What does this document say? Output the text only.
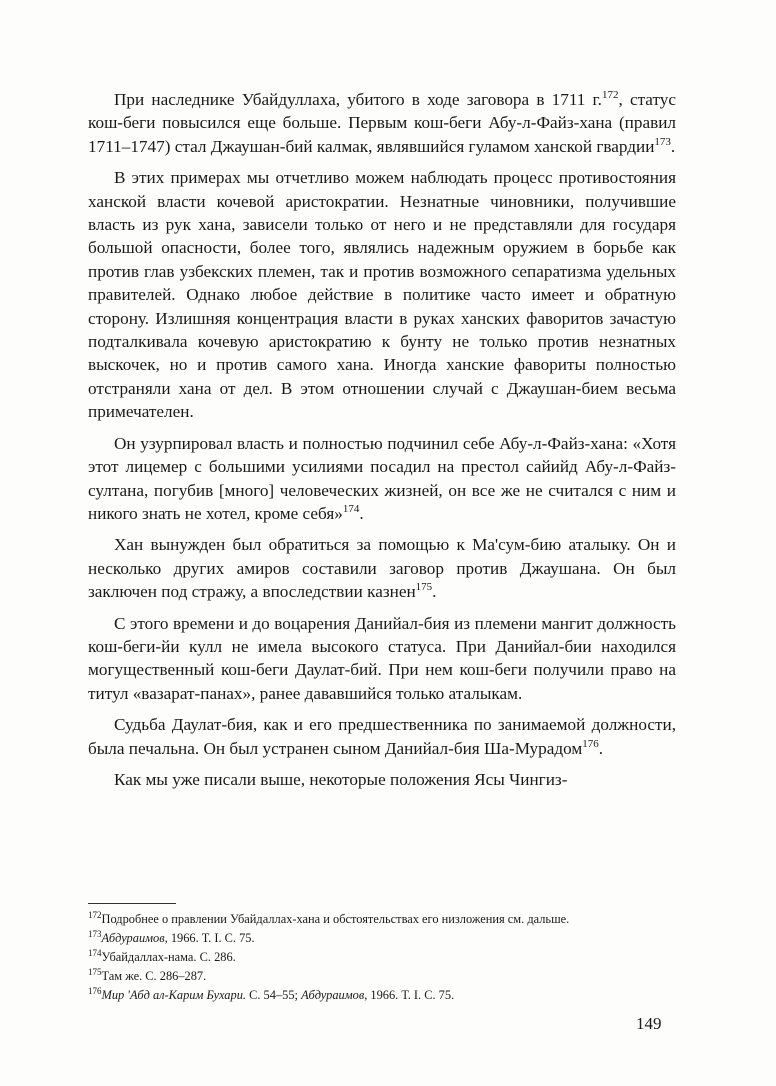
При наследнике Убайдуллаха, убитого в ходе заговора в 1711 г.$^{172}$, статус кош-беги повысился еще больше. Первым кош-беги Абу-л-Файз-хана (правил 1711–1747) стал Джаушан-бий калмак, являвшийся гуламом ханской гвардии$^{173}$.

В этих примерах мы отчетливо можем наблюдать процесс противостояния ханской власти кочевой аристократии. Незнатные чиновники, получившие власть из рук хана, зависели только от него и не представляли для государя большой опасности, более того, являлись надежным оружием в борьбе как против глав узбекских племен, так и против возможного сепаратизма удельных правителей. Однако любое действие в политике часто имеет и обратную сторону. Излишняя концентрация власти в руках ханских фаворитов зачастую подталкивала кочевую аристократию к бунту не только против незнатных выскочек, но и против самого хана. Иногда ханские фавориты полностью отстраняли хана от дел. В этом отношении случай с Джаушан-бием весьма примечателен.

Он узурпировал власть и полностью подчинил себе Абу-л-Файз-хана: «Хотя этот лицемер с большими усилиями посадил на престол сайийд Абу-л-Файз-султана, погубив [много] человеческих жизней, он все же не считался с ним и никого знать не хотел, кроме себя»$^{174}$.

Хан вынужден был обратиться за помощью к Ма'сум-бию аталыку. Он и несколько других амиров составили заговор против Джаушана. Он был заключен под стражу, а впоследствии казнен$^{175}$.

С этого времени и до воцарения Данийал-бия из племени мангит должность кош-беги-йи кулл не имела высокого статуса. При Данийал-бии находился могущественный кош-беги Даулат-бий. При нем кош-беги получили право на титул «вазарат-панах», ранее дававшийся только аталыкам.

Судьба Даулат-бия, как и его предшественника по занимаемой должности, была печальна. Он был устранен сыном Данийал-бия Ша-Мурадом$^{176}$.

Как мы уже писали выше, некоторые положения Ясы Чингиз-

$^{172}$Подробнее о правлении Убайдаллах-хана и обстоятельствах его низложения см. дальше.

$^{173}$Абдураимов, 1966. Т. I. С. 75.

$^{174}$Убайдаллах-нама. С. 286.

$^{175}$Там же. С. 286–287.

$^{176}$Мир 'Абд ал-Карим Бухари. С. 54–55; Абдураимов, 1966. Т. I. С. 75.

149
